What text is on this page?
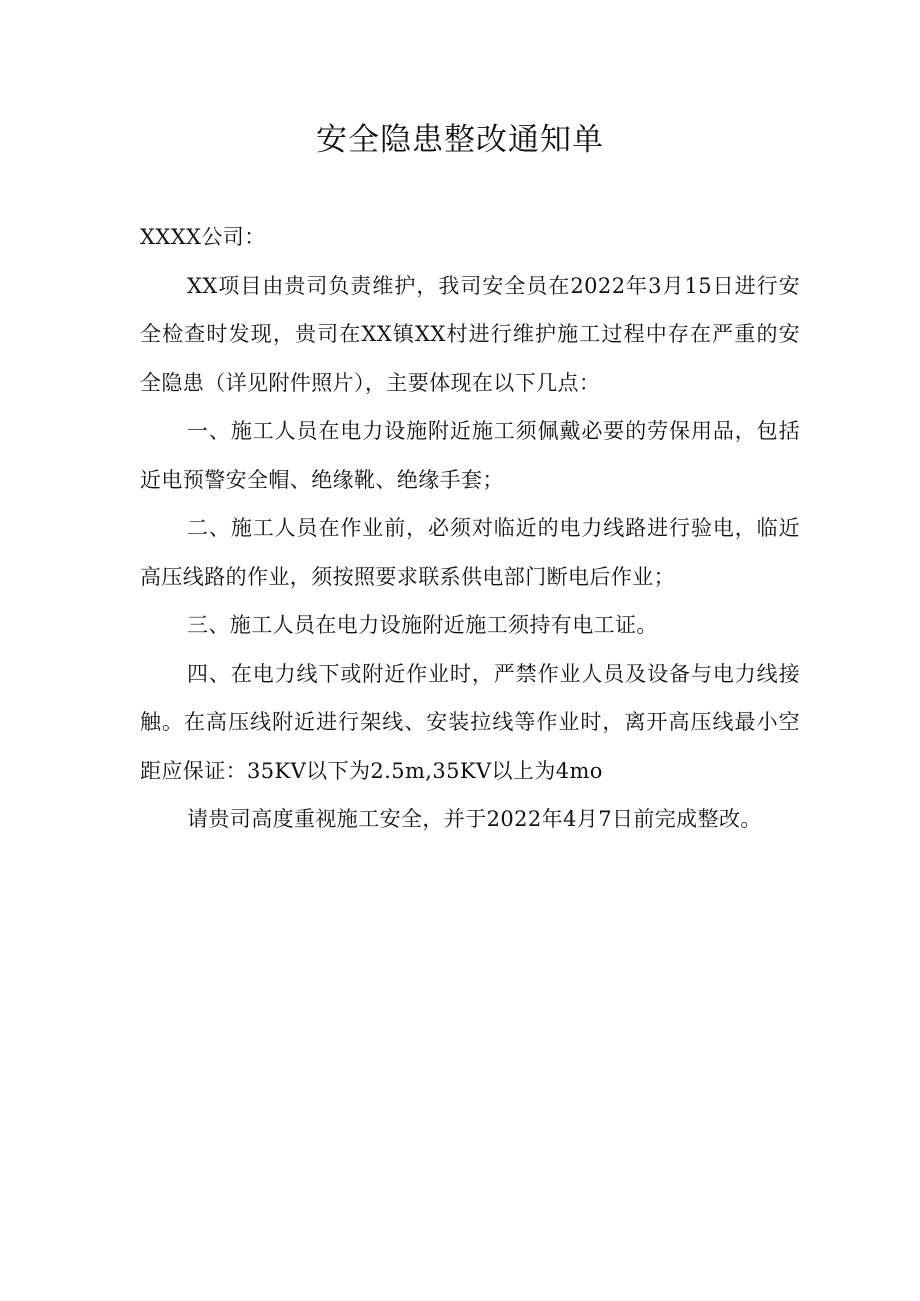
安全隐患整改通知单

XXXX公司：

XX项目由贵司负责维护，我司安全员在2022年3月15日进行安全检查时发现，贵司在XX镇XX村进行维护施工过程中存在严重的安全隐患（详见附件照片），主要体现在以下几点：

一、施工人员在电力设施附近施工须佩戴必要的劳保用品，包括近电预警安全帽、绝缘靴、绝缘手套；

二、施工人员在作业前，必须对临近的电力线路进行验电，临近高压线路的作业，须按照要求联系供电部门断电后作业；

三、施工人员在电力设施附近施工须持有电工证。

四、在电力线下或附近作业时，严禁作业人员及设备与电力线接触。在高压线附近进行架线、安装拉线等作业时，离开高压线最小空距应保证：35KV以下为2.5m,35KV以上为4mo

请贵司高度重视施工安全，并于2022年4月7日前完成整改。
